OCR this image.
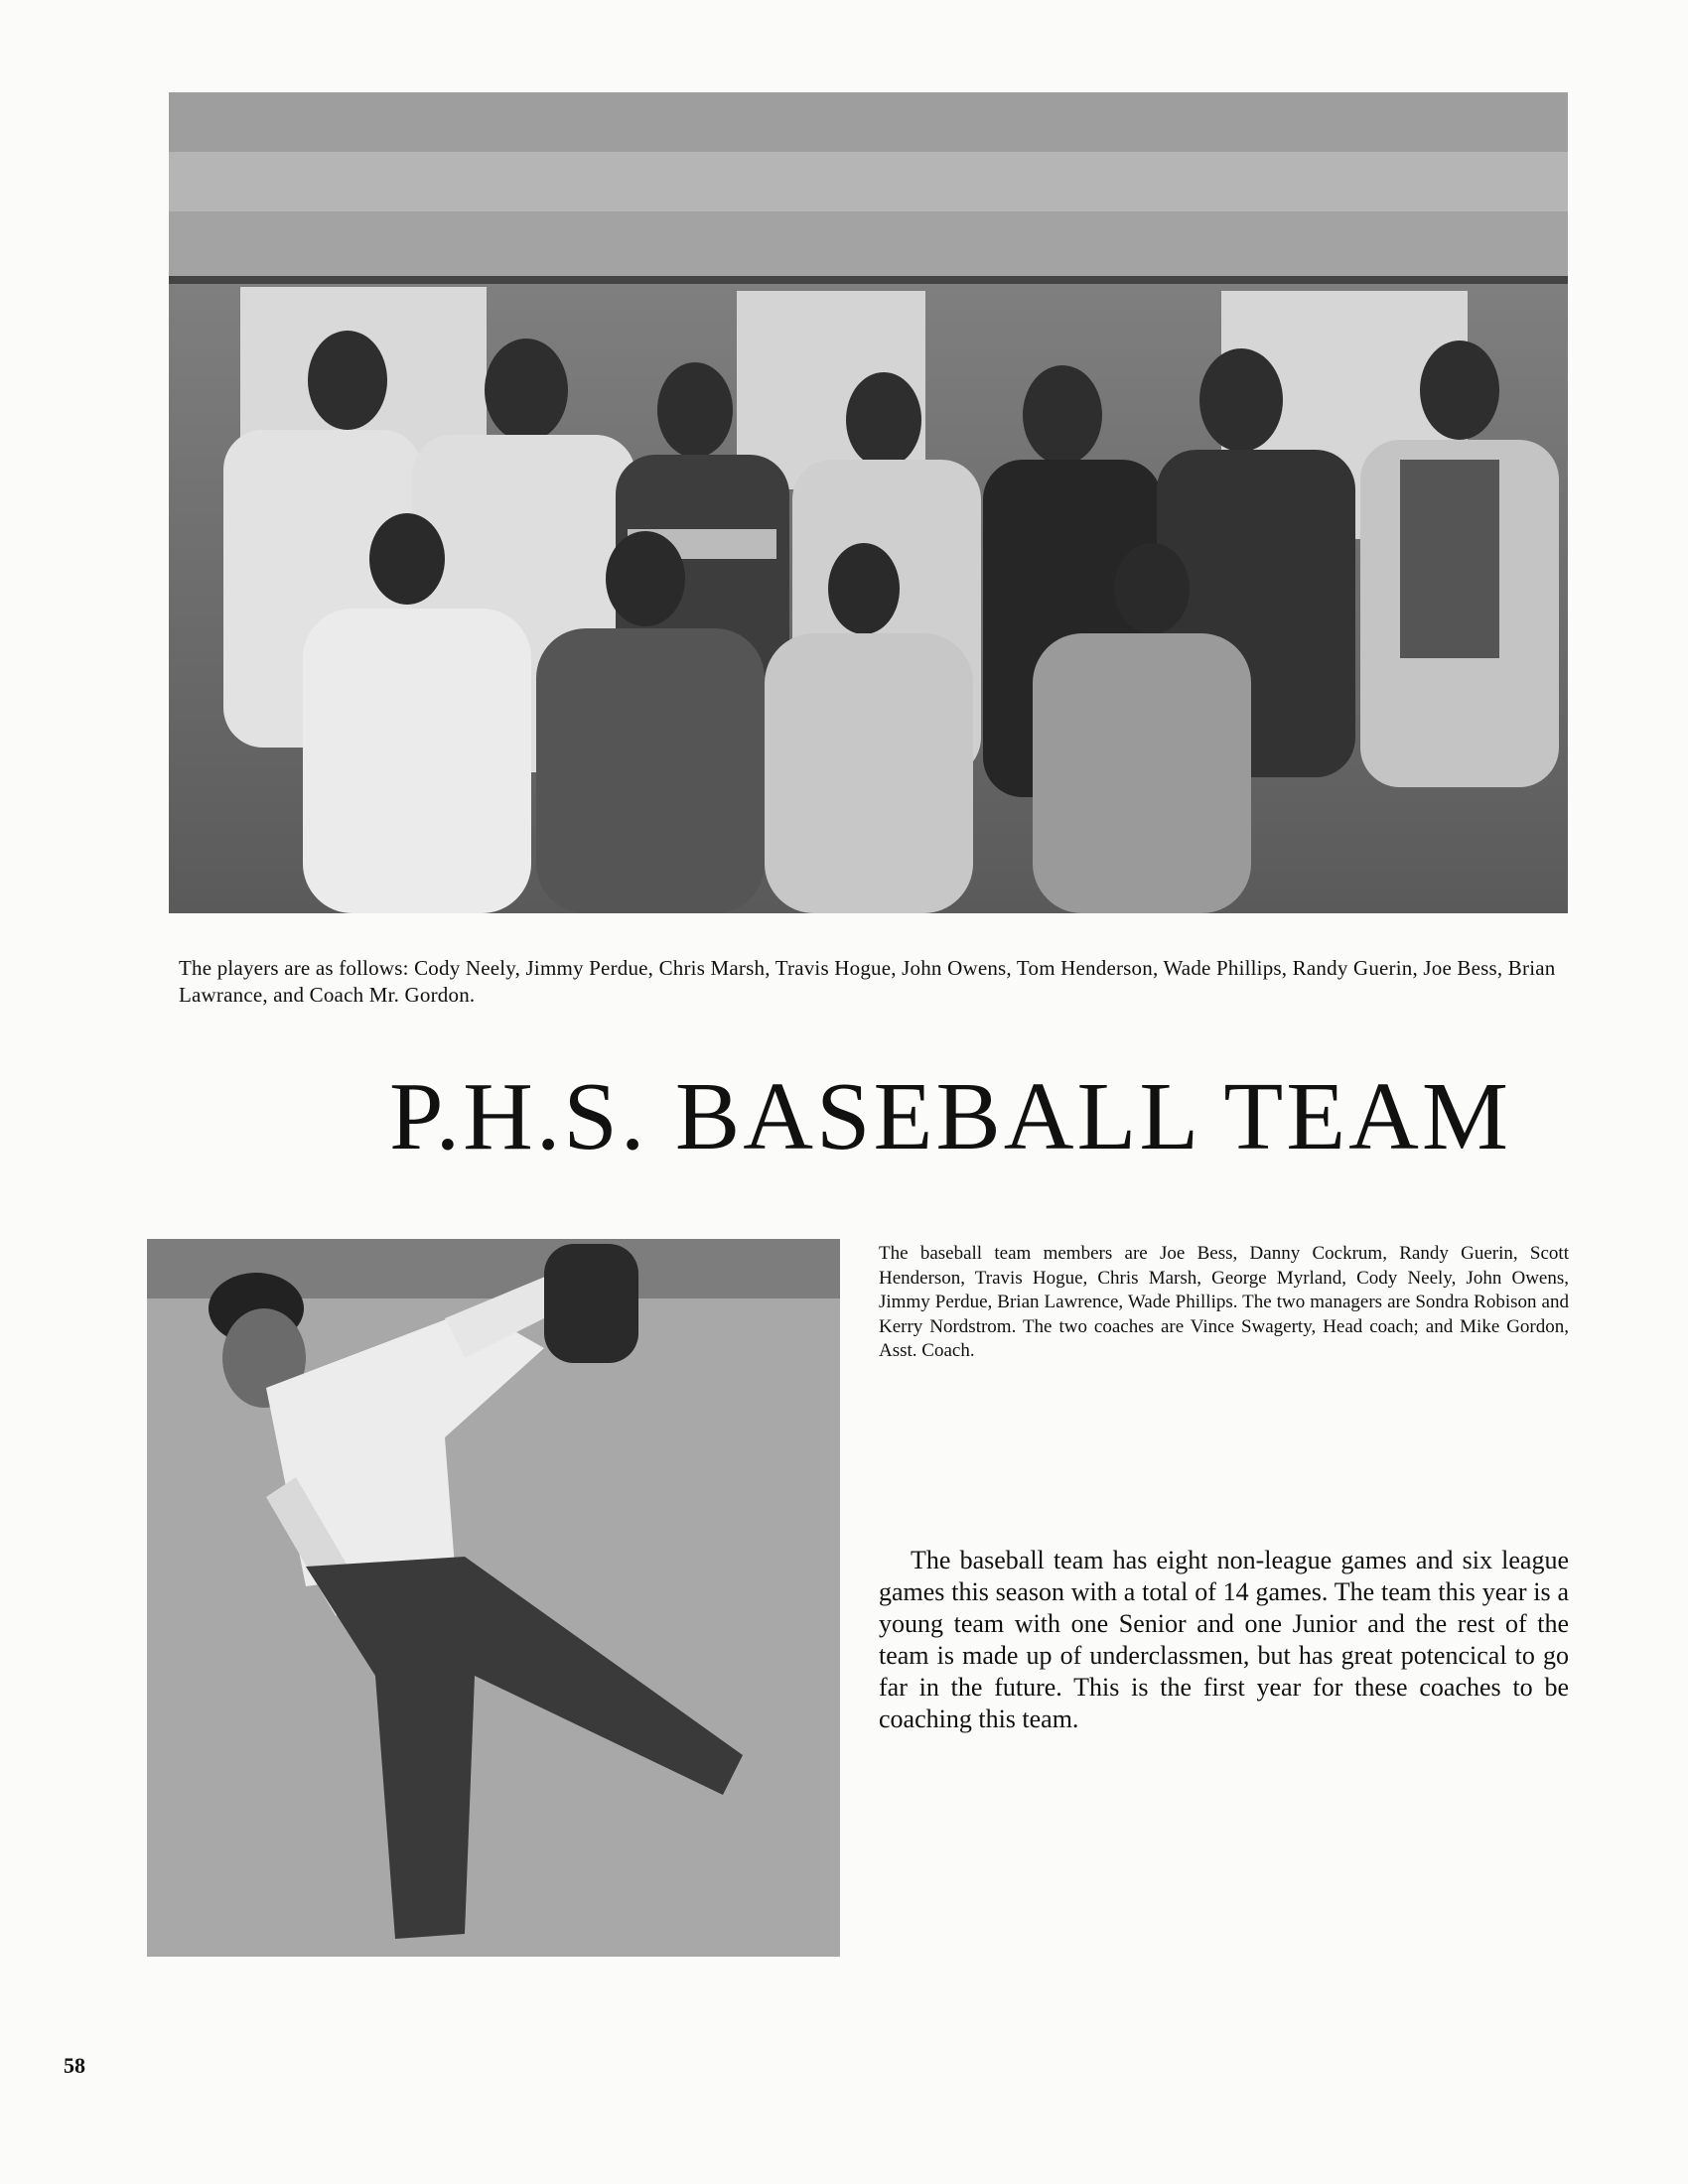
The players are as follows: Cody Neely, Jimmy Perdue, Chris Marsh, Travis Hogue, John Owens, Tom Henderson, Wade Phillips, Randy Guerin, Joe Bess, Brian Lawrance, and Coach Mr. Gordon.
P.H.S. BASEBALL TEAM

The baseball team members are Joe Bess, Danny Cockrum, Randy Guerin, Scott Henderson, Travis Hogue, Chris Marsh, George Myrland, Cody Neely, John Owens, Jimmy Perdue, Brian Lawrence, Wade Phillips. The two managers are Sondra Robison and Kerry Nordstrom. The two coaches are Vince Swagerty, Head coach; and Mike Gordon, Asst. Coach.

The baseball team has eight non-league games and six league games this season with a total of 14 games. The team this year is a young team with one Senior and one Junior and the rest of the team is made up of underclassmen, but has great potencical to go far in the future. This is the first year for these coaches to be coaching this team.

58
